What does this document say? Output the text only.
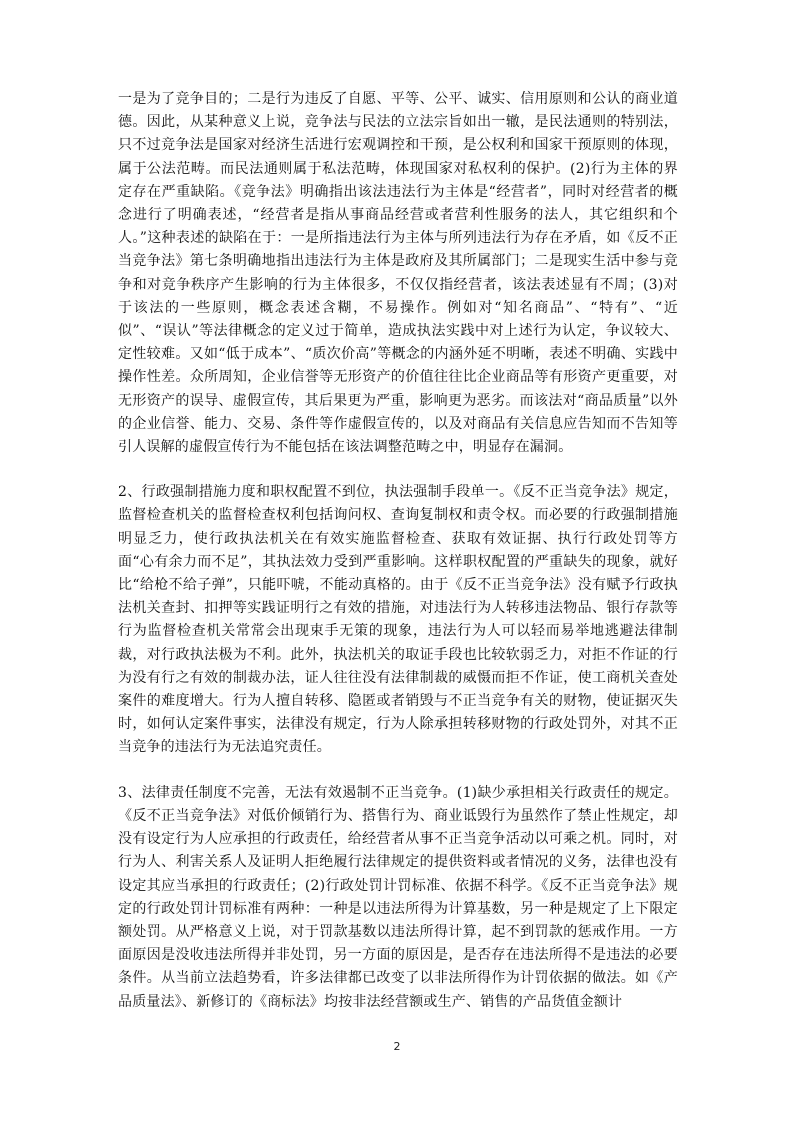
一是为了竞争目的；二是行为违反了自愿、平等、公平、诚实、信用原则和公认的商业道德。因此，从某种意义上说，竞争法与民法的立法宗旨如出一辙，是民法通则的特别法，只不过竞争法是国家对经济生活进行宏观调控和干预，是公权利和国家干预原则的体现，属于公法范畴。而民法通则属于私法范畴，体现国家对私权利的保护。(2)行为主体的界定存在严重缺陷。《竞争法》明确指出该法违法行为主体是“经营者”，同时对经营者的概念进行了明确表述，“经营者是指从事商品经营或者营利性服务的法人，其它组织和个人。”这种表述的缺陷在于：一是所指违法行为主体与所列违法行为存在矛盾，如《反不正当竞争法》第七条明确地指出违法行为主体是政府及其所属部门；二是现实生活中参与竞争和对竞争秩序产生影响的行为主体很多，不仅仅指经营者，该法表述显有不周；(3)对于该法的一些原则，概念表述含糊，不易操作。例如对“知名商品”、“特有”、“近似”、“误认”等法律概念的定义过于简单，造成执法实践中对上述行为认定，争议较大、定性较难。又如“低于成本”、“质次价高”等概念的内涵外延不明晰，表述不明确、实践中操作性差。众所周知，企业信誉等无形资产的价值往往比企业商品等有形资产更重要，对无形资产的误导、虚假宣传，其后果更为严重，影响更为恶劣。而该法对“商品质量”以外的企业信誉、能力、交易、条件等作虚假宣传的，以及对商品有关信息应告知而不告知等引人误解的虚假宣传行为不能包括在该法调整范畴之中，明显存在漏洞。

2、行政强制措施力度和职权配置不到位，执法强制手段单一。《反不正当竞争法》规定，监督检查机关的监督检查权利包括询问权、查询复制权和责令权。而必要的行政强制措施明显乏力，使行政执法机关在有效实施监督检查、获取有效证据、执行行政处罚等方面“心有余力而不足”，其执法效力受到严重影响。这样职权配置的严重缺失的现象，就好比“给枪不给子弹”，只能吓唬，不能动真格的。由于《反不正当竞争法》没有赋予行政执法机关查封、扣押等实践证明行之有效的措施，对违法行为人转移违法物品、银行存款等行为监督检查机关常常会出现束手无策的现象，违法行为人可以轻而易举地逃避法律制裁，对行政执法极为不利。此外，执法机关的取证手段也比较软弱乏力，对拒不作证的行为没有行之有效的制裁办法，证人往往没有法律制裁的威慑而拒不作证，使工商机关查处案件的难度增大。行为人擅自转移、隐匿或者销毁与不正当竞争有关的财物，使证据灭失时，如何认定案件事实，法律没有规定，行为人除承担转移财物的行政处罚外，对其不正当竞争的违法行为无法追究责任。

3、法律责任制度不完善，无法有效遏制不正当竞争。(1)缺少承担相关行政责任的规定。《反不正当竞争法》对低价倾销行为、搭售行为、商业诋毁行为虽然作了禁止性规定，却没有设定行为人应承担的行政责任，给经营者从事不正当竞争活动以可乘之机。同时，对行为人、利害关系人及证明人拒绝履行法律规定的提供资料或者情况的义务，法律也没有设定其应当承担的行政责任；(2)行政处罚计罚标准、依据不科学。《反不正当竞争法》规定的行政处罚计罚标准有两种：一种是以违法所得为计算基数，另一种是规定了上下限定额处罚。从严格意义上说，对于罚款基数以违法所得计算，起不到罚款的惩戒作用。一方面原因是没收违法所得并非处罚，另一方面的原因是，是否存在违法所得不是违法的必要条件。从当前立法趋势看，许多法律都已改变了以非法所得作为计罚依据的做法。如《产品质量法》、新修订的《商标法》均按非法经营额或生产、销售的产品货值金额计

2
